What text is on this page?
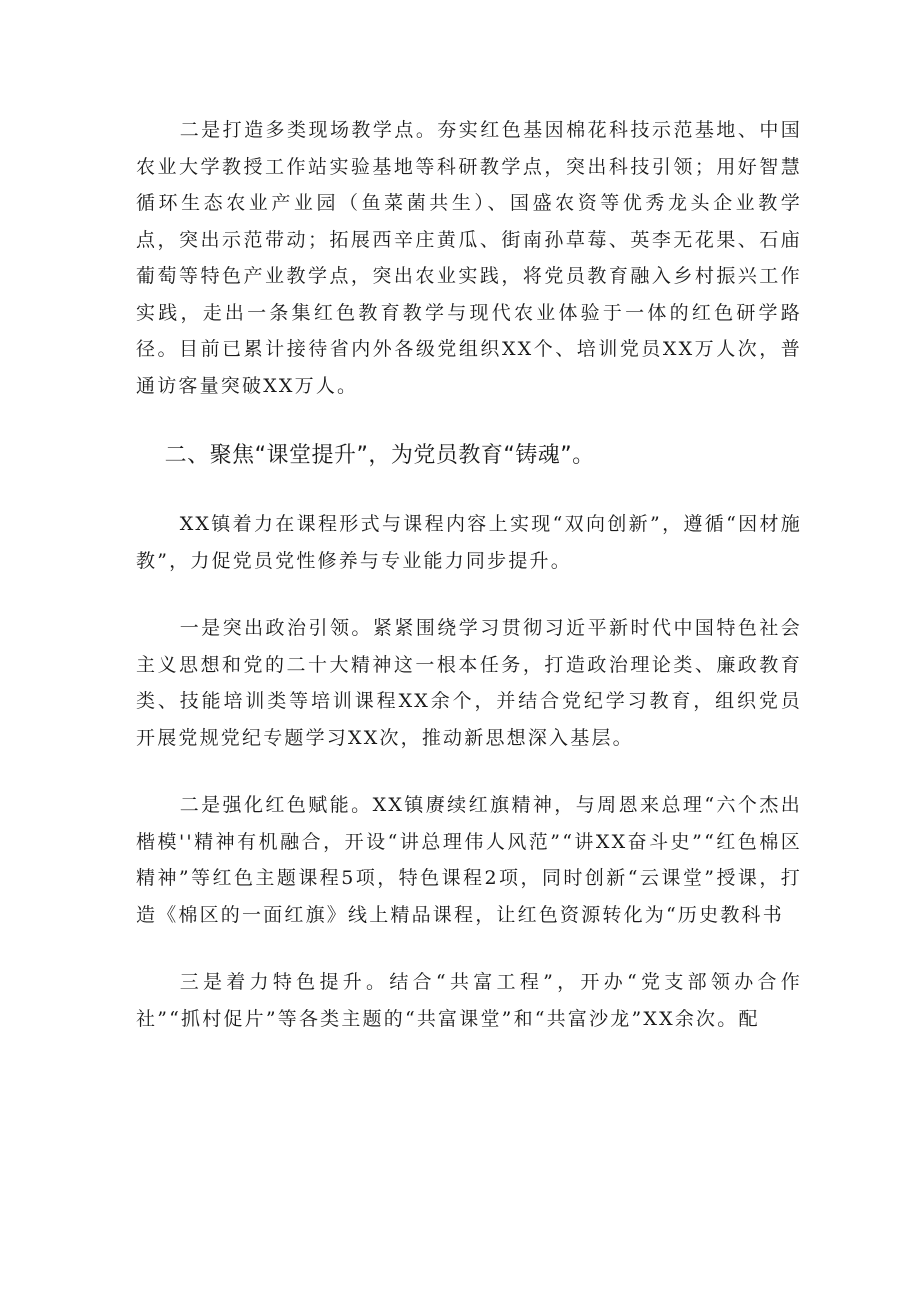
二是打造多类现场教学点。夯实红色基因棉花科技示范基地、中国农业大学教授工作站实验基地等科研教学点，突出科技引领；用好智慧循环生态农业产业园（鱼菜菌共生）、国盛农资等优秀龙头企业教学点，突出示范带动；拓展西辛庄黄瓜、街南孙草莓、英李无花果、石庙葡萄等特色产业教学点，突出农业实践，将党员教育融入乡村振兴工作实践，走出一条集红色教育教学与现代农业体验于一体的红色研学路径。目前已累计接待省内外各级党组织XX个、培训党员XX万人次，普通访客量突破XX万人。

二、聚焦“课堂提升”，为党员教育“铸魂”。

XX镇着力在课程形式与课程内容上实现“双向创新”，遵循“因材施教”，力促党员党性修养与专业能力同步提升。

一是突出政治引领。紧紧围绕学习贯彻习近平新时代中国特色社会主义思想和党的二十大精神这一根本任务，打造政治理论类、廉政教育类、技能培训类等培训课程XX余个，并结合党纪学习教育，组织党员开展党规党纪专题学习XX次，推动新思想深入基层。

二是强化红色赋能。XX镇赓续红旗精神，与周恩来总理“六个杰出楷模''精神有机融合，开设“讲总理伟人风范”“讲XX奋斗史”“红色棉区精神”等红色主题课程5项，特色课程2项，同时创新“云课堂”授课，打造《棉区的一面红旗》线上精品课程，让红色资源转化为“历史教科书

三是着力特色提升。结合“共富工程”，开办“党支部领办合作社”“抓村促片”等各类主题的“共富课堂”和“共富沙龙”XX余次。配
